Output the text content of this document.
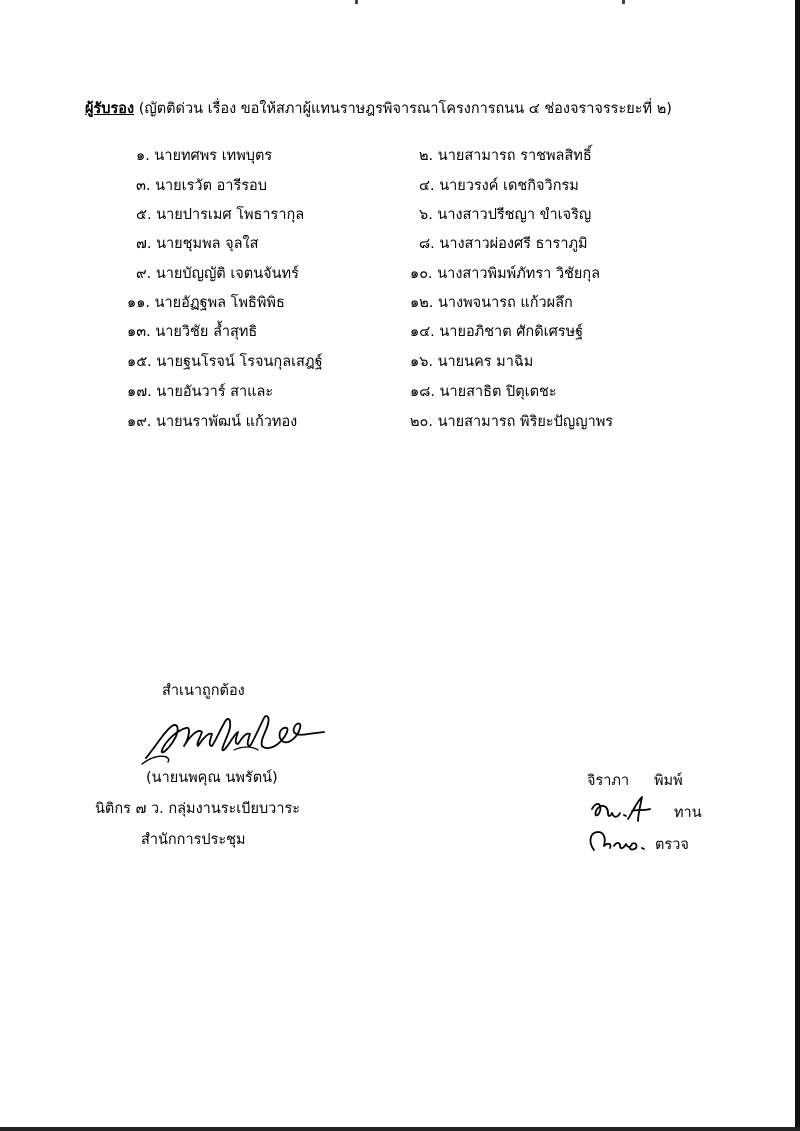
ผู้รับรอง (ญัตติด่วน เรื่อง ขอให้สภาผู้แทนราษฎรพิจารณาโครงการถนน ๔ ช่องจราจรระยะที่ ๒)
๑. นายทศพร เทพบุตร
๓. นายเรวัต อารีรอบ
๕. นายปารเมศ โพธารากุล
๗. นายชุมพล จุลใส
๙. นายบัญญัติ เจตนจันทร์
๑๑. นายอัฏฐพล โพธิพิพิธ
๑๓. นายวิชัย ล้ำสุทธิ
๑๕. นายฐนโรจน์ โรจนกุลเสฎฐ์
๑๗. นายอันวาร์ สาและ
๑๙. นายนราพัฒน์ แก้วทอง
๒. นายสามารถ ราชพลสิทธิ์
๔. นายวรงค์ เดชกิจวิกรม
๖. นางสาวปรีชญา ขำเจริญ
๘. นางสาวผ่องศรี ธาราภูมิ
๑๐. นางสาวพิมพ์ภัทรา วิชัยกุล
๑๒. นางพจนารถ แก้วผลึก
๑๔. นายอภิชาต ศักดิเศรษฐ์
๑๖. นายนคร มาฉิม
๑๘. นายสาธิต ปิตุเตชะ
๒๐. นายสามารถ พิริยะปัญญาพร
สำเนาถูกต้อง
(นายนพคุณ นพรัตน์)
นิติกร ๗ ว. กลุ่มงานระเบียบวาระ
สำนักการประชุม
จิราภา พิมพ์
ทาน
ตรวจ
